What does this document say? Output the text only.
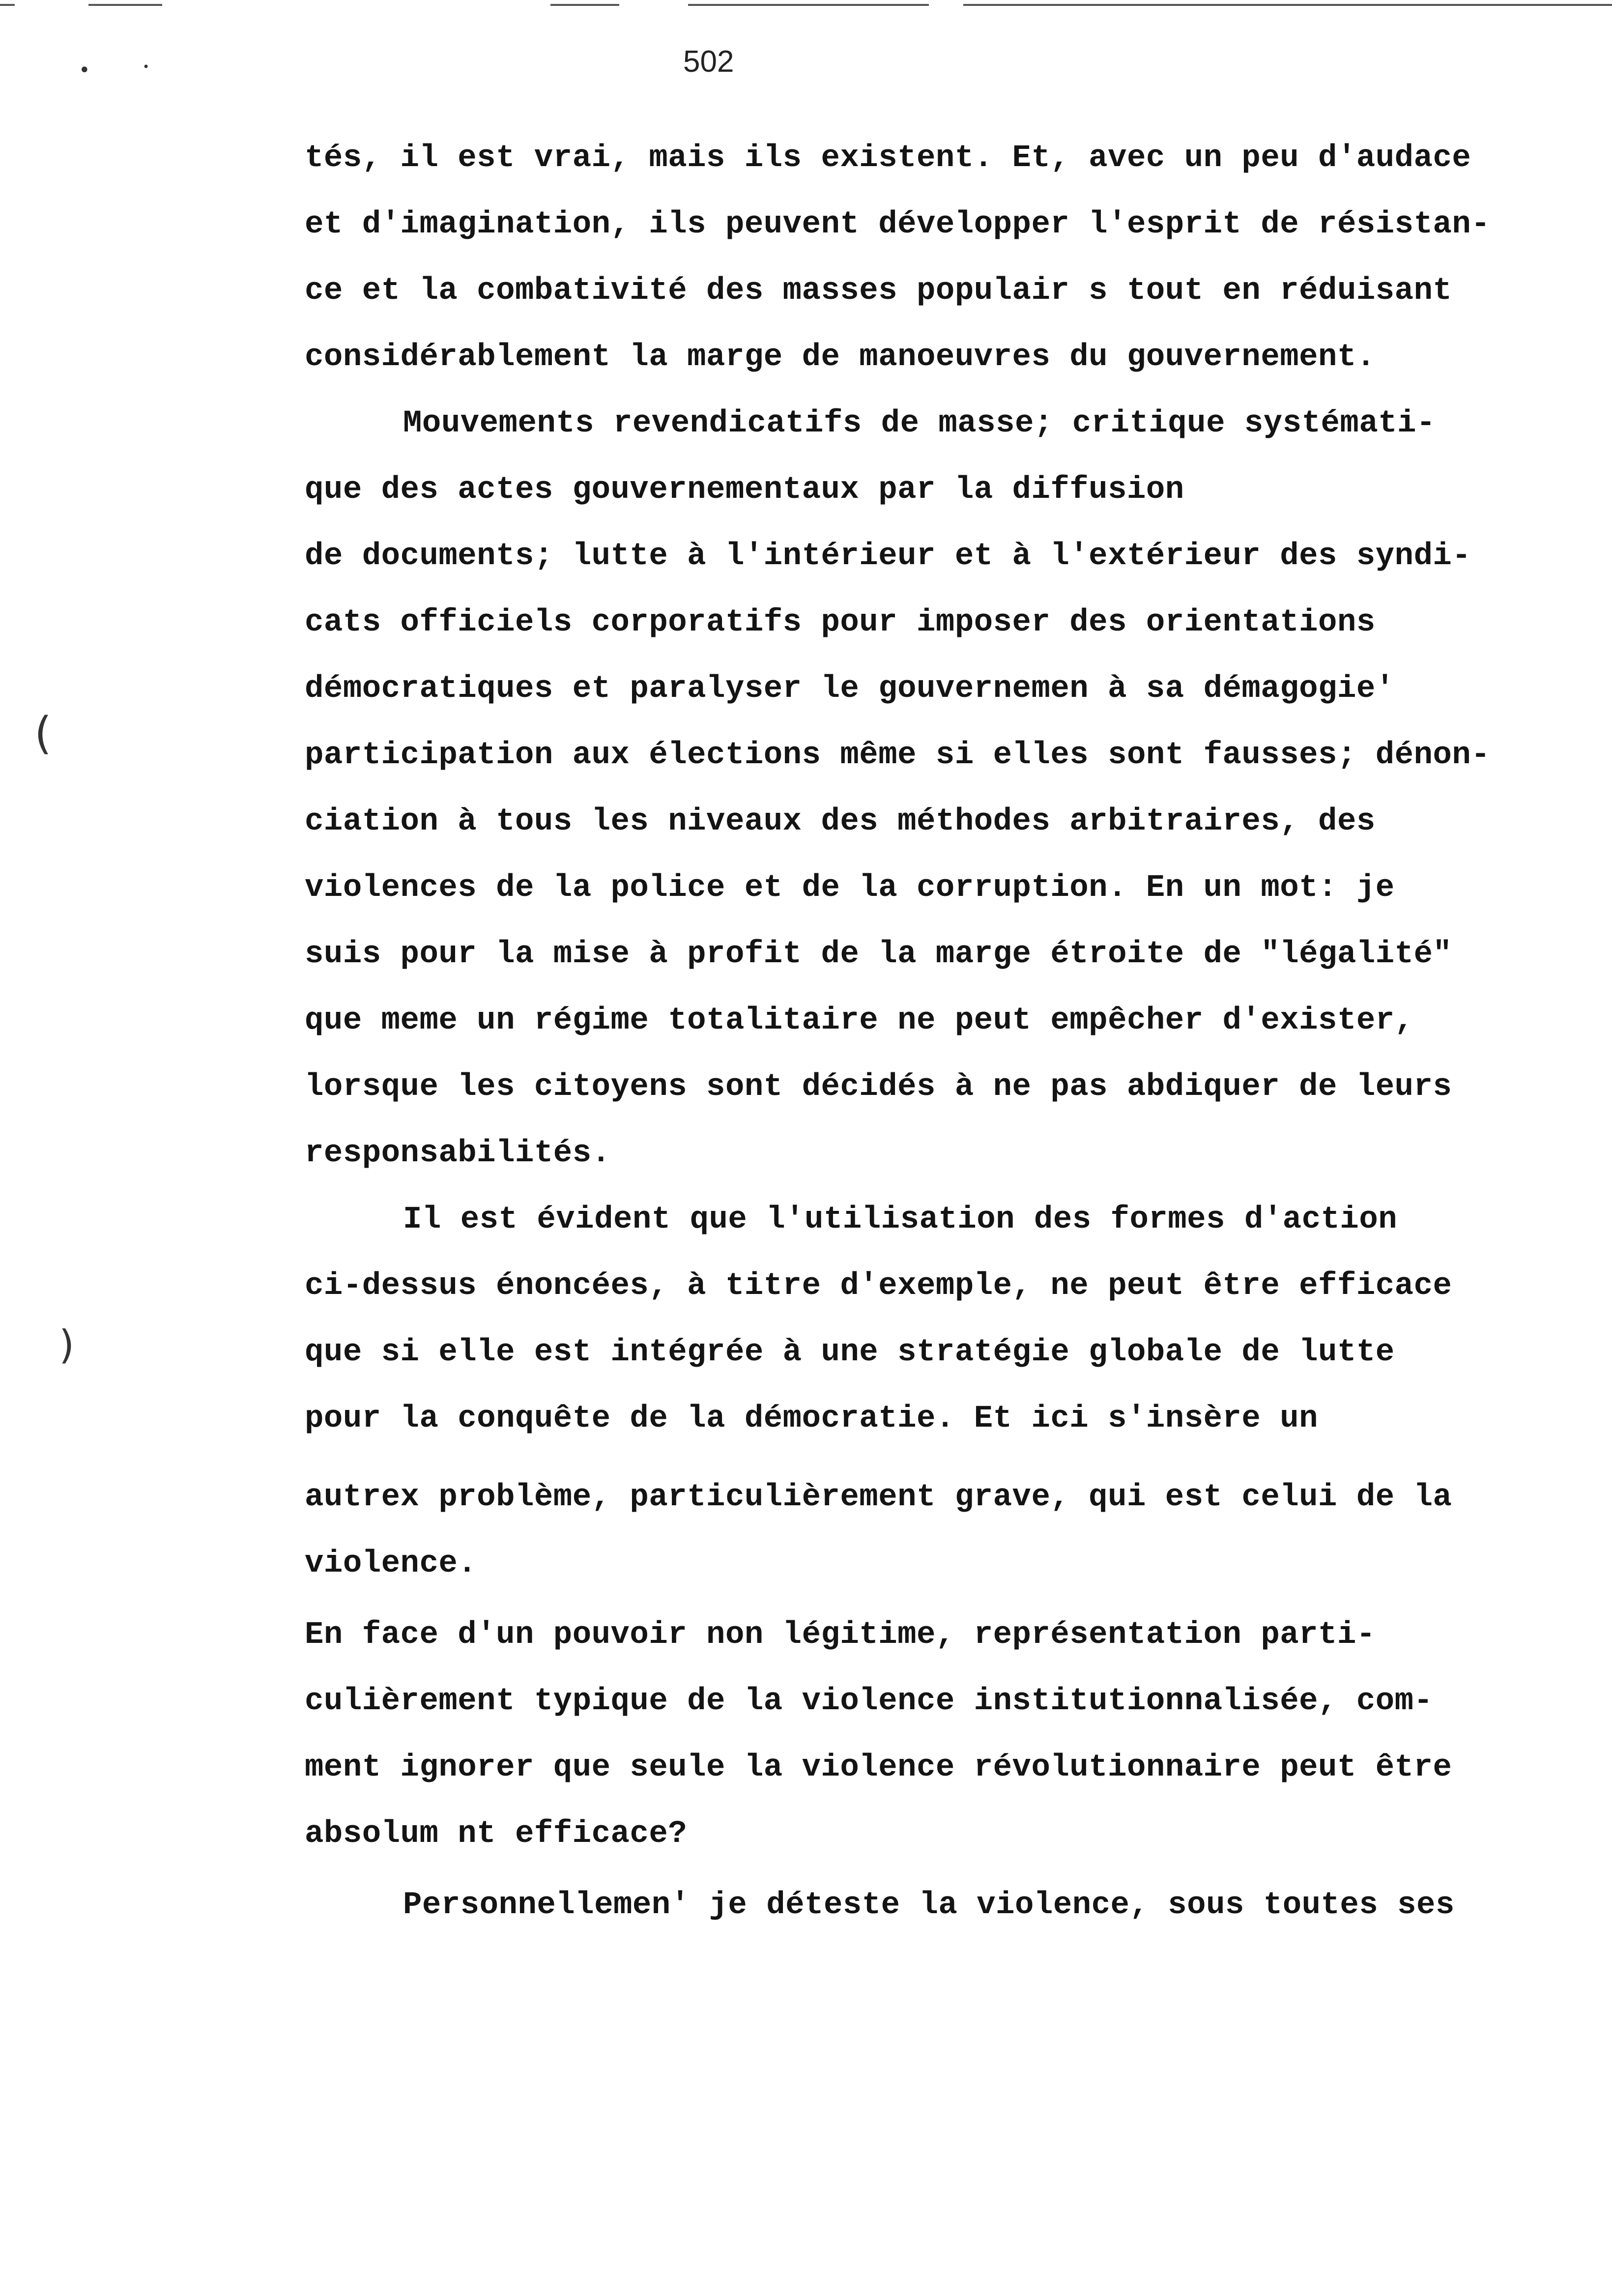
•	•
(
)
502
tés, il est vrai, mais ils existent. Et, avec un peu d'audace
et d'imagination, ils peuvent développer l'esprit de résistan-
ce et la combativité des masses populair s tout en réduisant
considérablement la marge de manoeuvres du gouvernement.
Mouvements revendicatifs de masse; critique systémati-
que des actes gouvernementaux par la diffusion
de documents; lutte à l'intérieur et à l'extérieur des syndi-
cats officiels corporatifs pour imposer des orientations
démocratiques et paralyser le gouvernemen à sa démagogie'
participation aux élections même si elles sont fausses; dénon-
ciation à tous les niveaux des méthodes arbitraires, des
violences de la police et de la corruption. En un mot: je
suis pour la mise à profit de la marge étroite de "légalité"
que meme un régime totalitaire ne peut empêcher d'exister,
lorsque les citoyens sont décidés à ne pas abdiquer de leurs
responsabilités.
Il est évident que l'utilisation des formes d'action
ci-dessus énoncées, à titre d'exemple, ne peut être efficace
que si elle est intégrée à une stratégie globale de lutte
pour la conquête de la démocratie. Et ici s'insère un
autrex problème, particulièrement grave, qui est celui de la
violence.
En face d'un pouvoir non légitime, représentation parti-
culièrement typique de la violence institutionnalisée, com-
ment ignorer que seule la violence révolutionnaire peut être
absolum nt efficace?
Personnellemen' je déteste la violence, sous toutes ses
